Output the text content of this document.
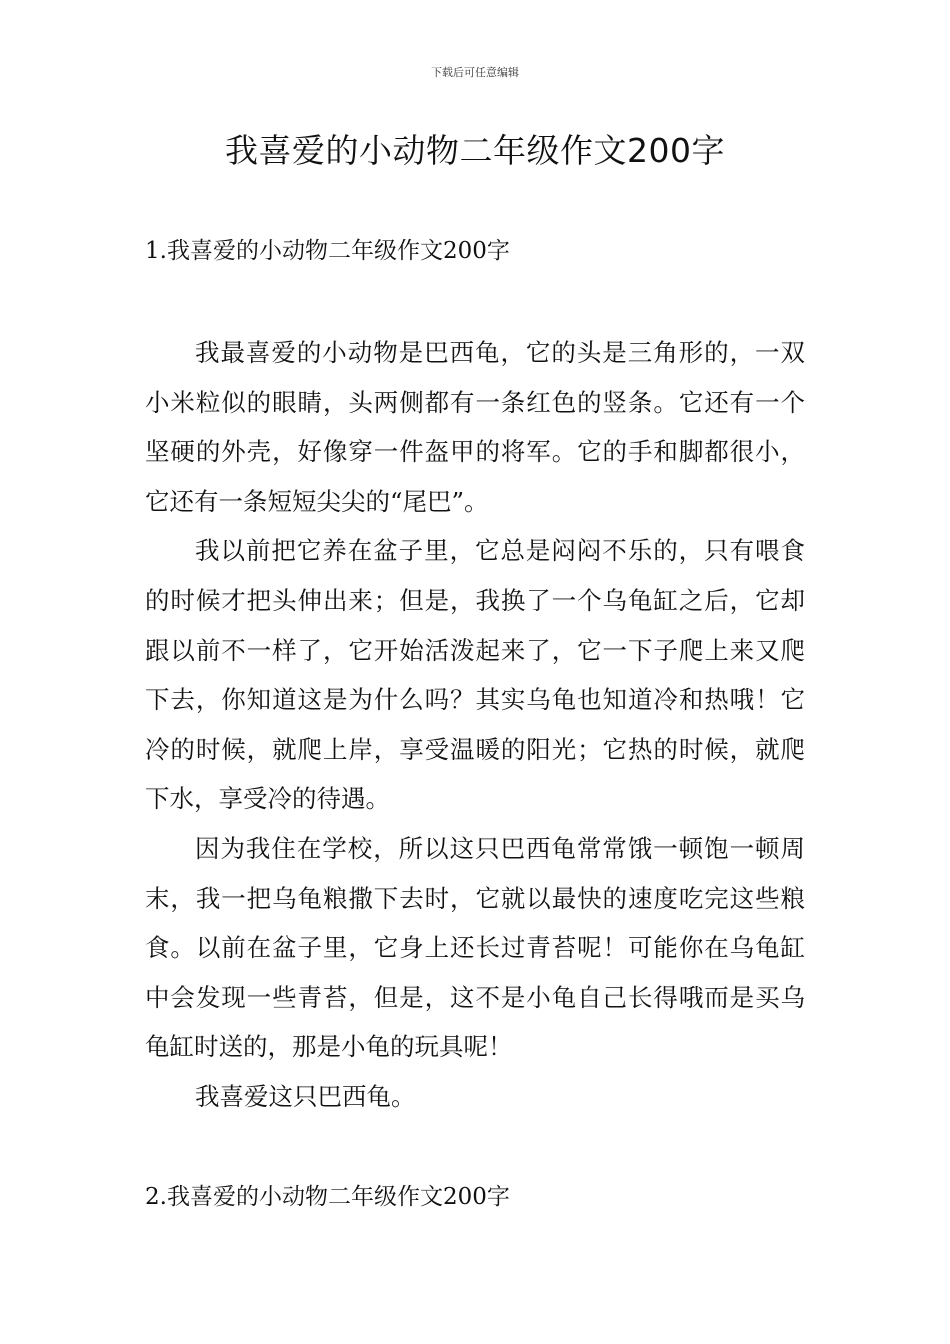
下载后可任意编辑
我喜爱的小动物二年级作文200字
1.我喜爱的小动物二年级作文200字

我最喜爱的小动物是巴西龟，它的头是三角形的，一双小米粒似的眼睛，头两侧都有一条红色的竖条。它还有一个坚硬的外壳，好像穿一件盔甲的将军。它的手和脚都很小，它还有一条短短尖尖的“尾巴”。

我以前把它养在盆子里，它总是闷闷不乐的，只有喂食的时候才把头伸出来；但是，我换了一个乌龟缸之后，它却跟以前不一样了，它开始活泼起来了，它一下子爬上来又爬下去，你知道这是为什么吗？其实乌龟也知道冷和热哦！它冷的时候，就爬上岸，享受温暖的阳光；它热的时候，就爬下水，享受冷的待遇。

因为我住在学校，所以这只巴西龟常常饿一顿饱一顿周末，我一把乌龟粮撒下去时，它就以最快的速度吃完这些粮食。以前在盆子里，它身上还长过青苔呢！可能你在乌龟缸中会发现一些青苔，但是，这不是小龟自己长得哦而是买乌龟缸时送的，那是小龟的玩具呢！

我喜爱这只巴西龟。

2.我喜爱的小动物二年级作文200字
